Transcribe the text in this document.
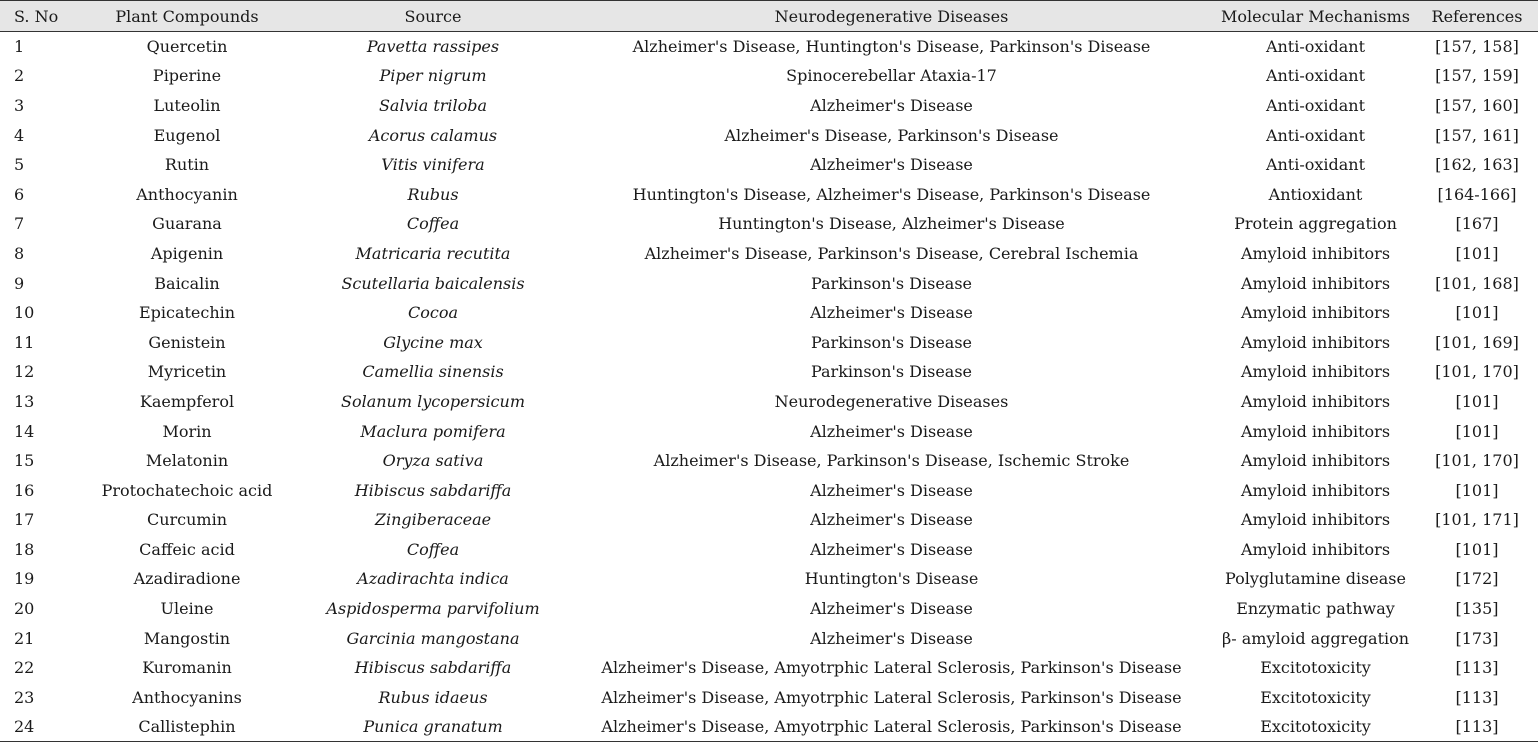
S. No	Plant Compounds	Source	Neurodegenerative Diseases	Molecular Mechanisms	References
1	Quercetin	Pavetta rassipes	Alzheimer's Disease, Huntington's Disease, Parkinson's Disease	Anti-oxidant	[157, 158]
2	Piperine	Piper nigrum	Spinocerebellar Ataxia-17	Anti-oxidant	[157, 159]
3	Luteolin	Salvia triloba	Alzheimer's Disease	Anti-oxidant	[157, 160]
4	Eugenol	Acorus calamus	Alzheimer's Disease, Parkinson's Disease	Anti-oxidant	[157, 161]
5	Rutin	Vitis vinifera	Alzheimer's Disease	Anti-oxidant	[162, 163]
6	Anthocyanin	Rubus	Huntington's Disease, Alzheimer's Disease, Parkinson's Disease	Antioxidant	[164-166]
7	Guarana	Coffea	Huntington's Disease, Alzheimer's Disease	Protein aggregation	[167]
8	Apigenin	Matricaria recutita	Alzheimer's Disease, Parkinson's Disease, Cerebral Ischemia	Amyloid inhibitors	[101]
9	Baicalin	Scutellaria baicalensis	Parkinson's Disease	Amyloid inhibitors	[101, 168]
10	Epicatechin	Cocoa	Alzheimer's Disease	Amyloid inhibitors	[101]
11	Genistein	Glycine max	Parkinson's Disease	Amyloid inhibitors	[101, 169]
12	Myricetin	Camellia sinensis	Parkinson's Disease	Amyloid inhibitors	[101, 170]
13	Kaempferol	Solanum lycopersicum	Neurodegenerative Diseases	Amyloid inhibitors	[101]
14	Morin	Maclura pomifera	Alzheimer's Disease	Amyloid inhibitors	[101]
15	Melatonin	Oryza sativa	Alzheimer's Disease, Parkinson's Disease, Ischemic Stroke	Amyloid inhibitors	[101, 170]
16	Protochatechoic acid	Hibiscus sabdariffa	Alzheimer's Disease	Amyloid inhibitors	[101]
17	Curcumin	Zingiberaceae	Alzheimer's Disease	Amyloid inhibitors	[101, 171]
18	Caffeic acid	Coffea	Alzheimer's Disease	Amyloid inhibitors	[101]
19	Azadiradione	Azadirachta indica	Huntington's Disease	Polyglutamine disease	[172]
20	Uleine	Aspidosperma parvifolium	Alzheimer's Disease	Enzymatic pathway	[135]
21	Mangostin	Garcinia mangostana	Alzheimer's Disease	β- amyloid aggregation	[173]
22	Kuromanin	Hibiscus sabdariffa	Alzheimer's Disease, Amyotrphic Lateral Sclerosis, Parkinson's Disease	Excitotoxicity	[113]
23	Anthocyanins	Rubus idaeus	Alzheimer's Disease, Amyotrphic Lateral Sclerosis, Parkinson's Disease	Excitotoxicity	[113]
24	Callistephin	Punica granatum	Alzheimer's Disease, Amyotrphic Lateral Sclerosis, Parkinson's Disease	Excitotoxicity	[113]
